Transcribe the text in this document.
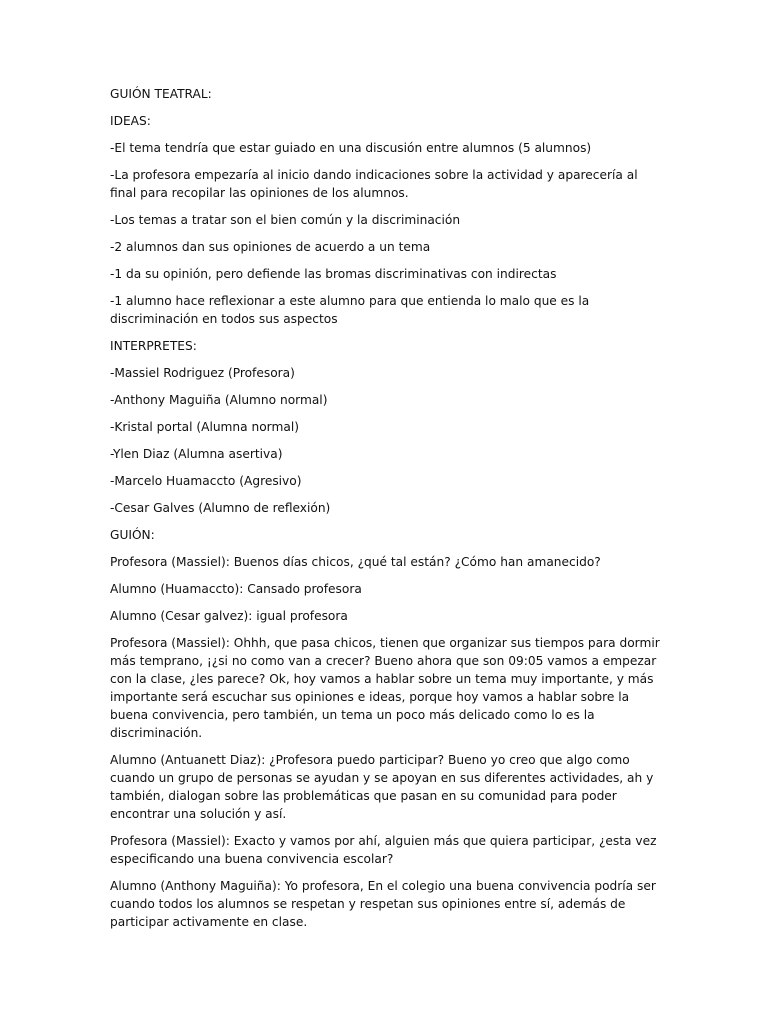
GUIÓN TEATRAL:

IDEAS:

-El tema tendría que estar guiado en una discusión entre alumnos (5 alumnos)

-La profesora empezaría al inicio dando indicaciones sobre la actividad y aparecería al final para recopilar las opiniones de los alumnos.

-Los temas a tratar son el bien común y la discriminación

-2 alumnos dan sus opiniones de acuerdo a un tema

-1 da su opinión, pero defiende las bromas discriminativas con indirectas

-1 alumno hace reflexionar a este alumno para que entienda lo malo que es la discriminación en todos sus aspectos

INTERPRETES:

-Massiel Rodriguez (Profesora)

-Anthony Maguiña (Alumno normal)

-Kristal portal (Alumna normal)

-Ylen Diaz (Alumna asertiva)

-Marcelo Huamaccto (Agresivo)

-Cesar Galves (Alumno de reflexión)

GUIÓN:

Profesora (Massiel): Buenos días chicos, ¿qué tal están? ¿Cómo han amanecido?

Alumno (Huamaccto): Cansado profesora

Alumno (Cesar galvez): igual profesora

Profesora (Massiel): Ohhh, que pasa chicos, tienen que organizar sus tiempos para dormir más temprano, ¡¿si no como van a crecer? Bueno ahora que son 09:05 vamos a empezar con la clase, ¿les parece? Ok, hoy vamos a hablar sobre un tema muy importante, y más importante será escuchar sus opiniones e ideas, porque hoy vamos a hablar sobre la buena convivencia, pero también, un tema un poco más delicado como lo es la discriminación.

Alumno (Antuanett Diaz): ¿Profesora puedo participar? Bueno yo creo que algo como cuando un grupo de personas se ayudan y se apoyan en sus diferentes actividades, ah y también, dialogan sobre las problemáticas que pasan en su comunidad para poder encontrar una solución y así.

Profesora (Massiel): Exacto y vamos por ahí, alguien más que quiera participar, ¿esta vez especificando una buena convivencia escolar?

Alumno (Anthony Maguiña): Yo profesora, En el colegio una buena convivencia podría ser cuando todos los alumnos se respetan y respetan sus opiniones entre sí, además de participar activamente en clase.
